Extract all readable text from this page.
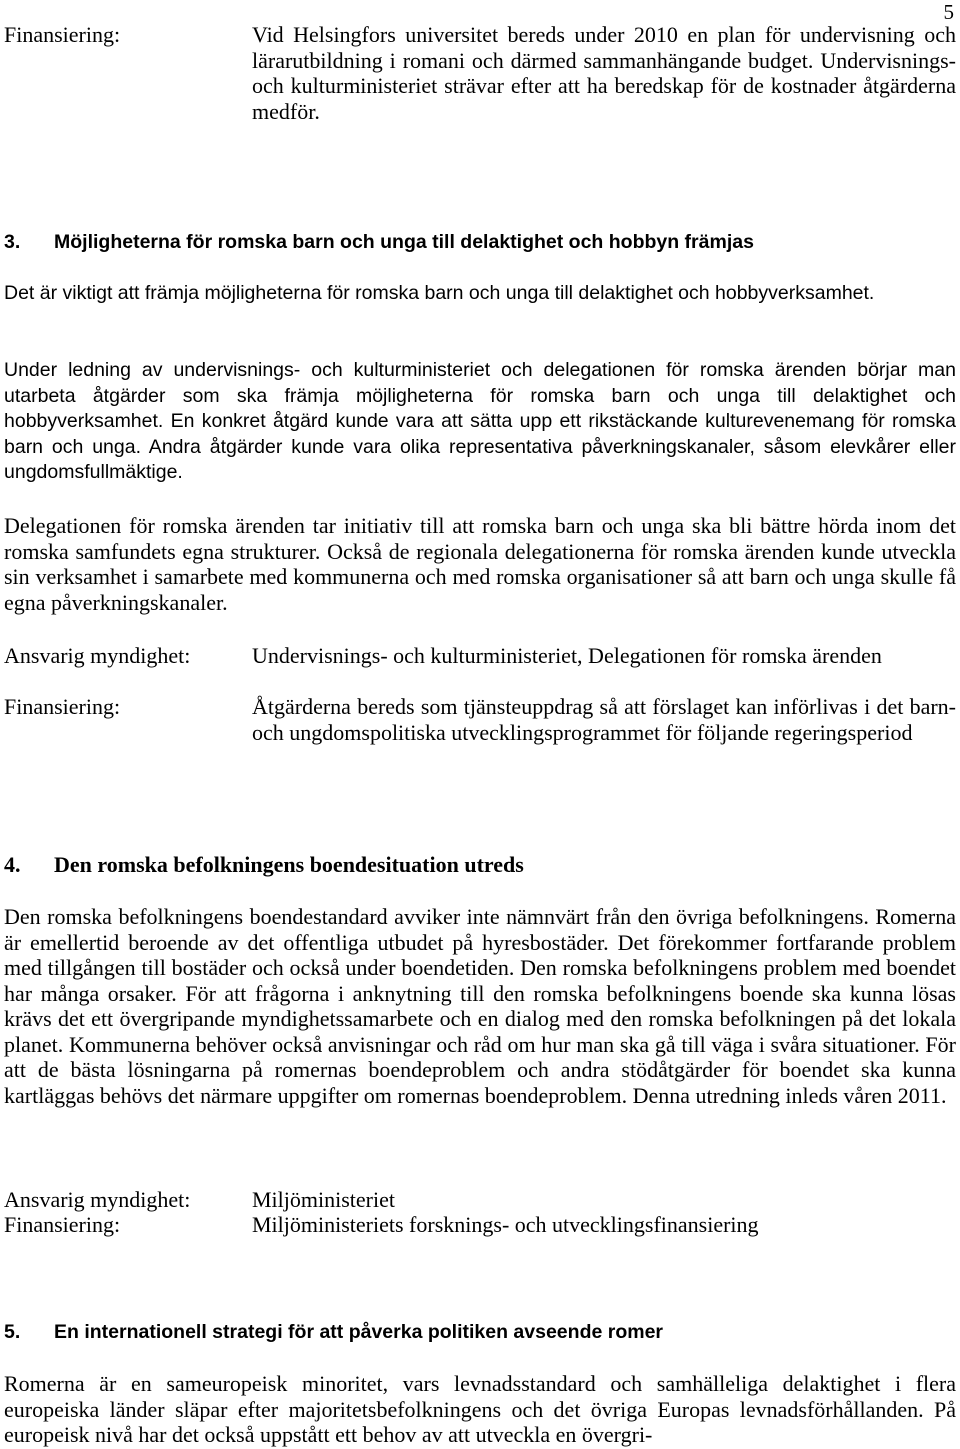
5
Finansiering:	Vid Helsingfors universitet bereds under 2010 en plan för undervisning och lärarutbildning i romani och därmed sammanhängande budget. Undervisnings- och kulturministeriet strävar efter att ha beredskap för de kostnader åtgärderna medför.
3. Möjligheterna för romska barn och unga till delaktighet och hobbyn främjas
Det är viktigt att främja möjligheterna för romska barn och unga till delaktighet och hobbyverksamhet.
Under ledning av undervisnings- och kulturministeriet och delegationen för romska ärenden börjar man utarbeta åtgärder som ska främja möjligheterna för romska barn och unga till delaktighet och hobbyverksamhet. En konkret åtgärd kunde vara att sätta upp ett rikstäckande kulturevenemang för romska barn och unga. Andra åtgärder kunde vara olika representativa påverkningskanaler, såsom elevkårer eller ungdomsfullmäktige.
Delegationen för romska ärenden tar initiativ till att romska barn och unga ska bli bättre hörda inom det romska samfundets egna strukturer. Också de regionala delegationerna för romska ärenden kunde utveckla sin verksamhet i samarbete med kommunerna och med romska organisationer så att barn och unga skulle få egna påverkningskanaler.
Ansvarig myndighet:	Undervisnings- och kulturministeriet, Delegationen för romska ärenden
Finansiering:	Åtgärderna bereds som tjänsteuppdrag så att förslaget kan införlivas i det barn- och ungdomspolitiska utvecklingsprogrammet för följande regeringsperiod
4. Den romska befolkningens boendesituation utreds
Den romska befolkningens boendestandard avviker inte nämnvärt från den övriga befolkningens. Romerna är emellertid beroende av det offentliga utbudet på hyresbostäder. Det förekommer fortfarande problem med tillgången till bostäder och också under boendetiden. Den romska befolkningens problem med boendet har många orsaker. För att frågorna i anknytning till den romska befolkningens boende ska kunna lösas krävs det ett övergripande myndighetssamarbete och en dialog med den romska befolkningen på det lokala planet. Kommunerna behöver också anvisningar och råd om hur man ska gå till väga i svåra situationer. För att de bästa lösningarna på romernas boendeproblem och andra stödåtgärder för boendet ska kunna kartläggas behövs det närmare uppgifter om romernas boendeproblem. Denna utredning inleds våren 2011.
Ansvarig myndighet:	Miljöministeriet
Finansiering:	Miljöministeriets forsknings- och utvecklingsfinansiering
5. En internationell strategi för att påverka politiken avseende romer
Romerna är en sameuropeisk minoritet, vars levnadsstandard och samhälleliga delaktighet i flera europeiska länder släpar efter majoritetsbefolkningens och det övriga Europas levnadsförhållanden. På europeisk nivå har det också uppstått ett behov av att utveckla en övergri-
